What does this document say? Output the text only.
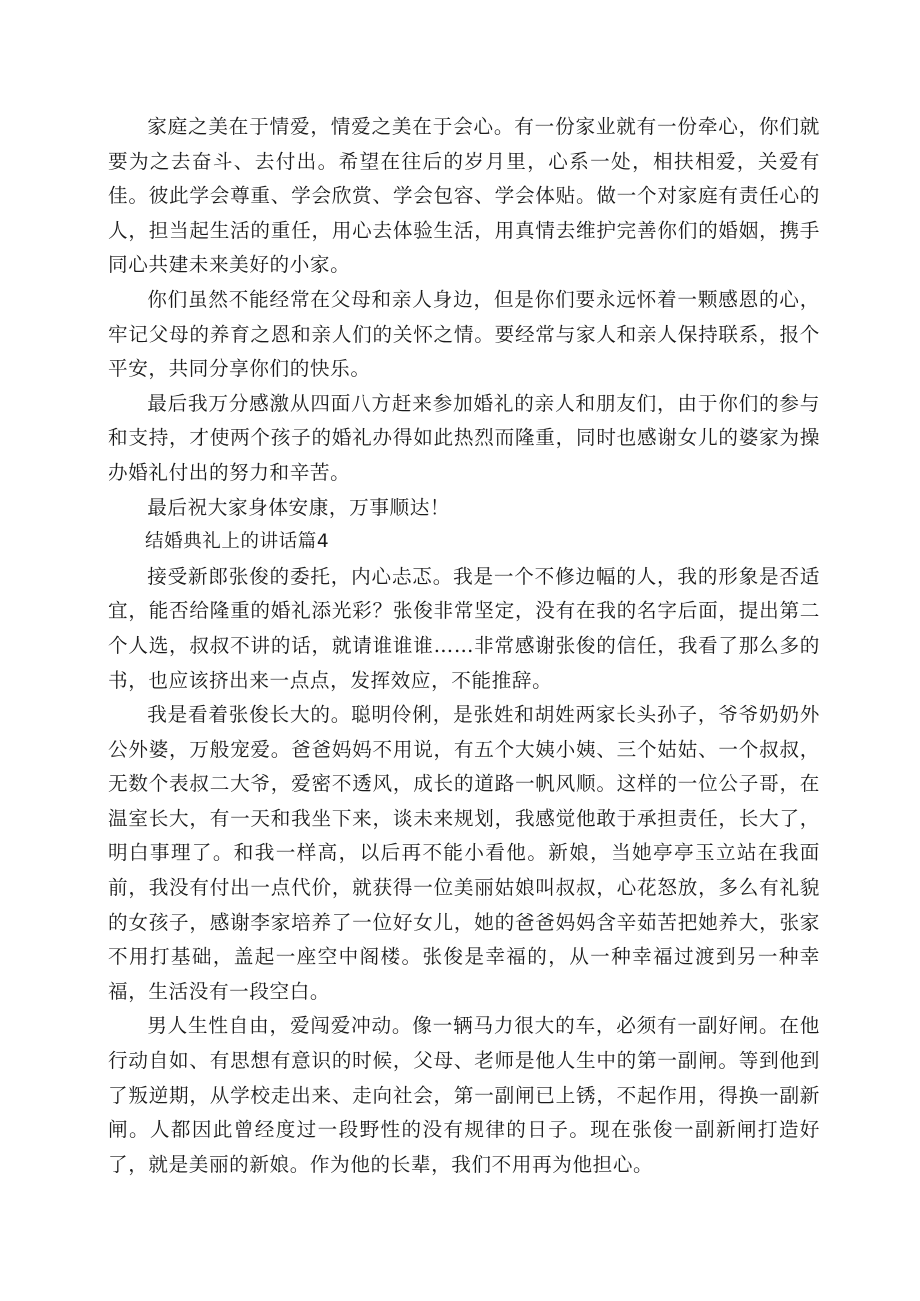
家庭之美在于情爱，情爱之美在于会心。有一份家业就有一份牵心，你们就要为之去奋斗、去付出。希望在往后的岁月里，心系一处，相扶相爱，关爱有佳。彼此学会尊重、学会欣赏、学会包容、学会体贴。做一个对家庭有责任心的人，担当起生活的重任，用心去体验生活，用真情去维护完善你们的婚姻，携手同心共建未来美好的小家。

你们虽然不能经常在父母和亲人身边，但是你们要永远怀着一颗感恩的心，牢记父母的养育之恩和亲人们的关怀之情。要经常与家人和亲人保持联系，报个平安，共同分享你们的快乐。

最后我万分感激从四面八方赶来参加婚礼的亲人和朋友们，由于你们的参与和支持，才使两个孩子的婚礼办得如此热烈而隆重，同时也感谢女儿的婆家为操办婚礼付出的努力和辛苦。

最后祝大家身体安康，万事顺达！

结婚典礼上的讲话篇4

接受新郎张俊的委托，内心忐忑。我是一个不修边幅的人，我的形象是否适宜，能否给隆重的婚礼添光彩？张俊非常坚定，没有在我的名字后面，提出第二个人选，叔叔不讲的话，就请谁谁谁……非常感谢张俊的信任，我看了那么多的书，也应该挤出来一点点，发挥效应，不能推辞。

我是看着张俊长大的。聪明伶俐，是张姓和胡姓两家长头孙子，爷爷奶奶外公外婆，万般宠爱。爸爸妈妈不用说，有五个大姨小姨、三个姑姑、一个叔叔，无数个表叔二大爷，爱密不透风，成长的道路一帆风顺。这样的一位公子哥，在温室长大，有一天和我坐下来，谈未来规划，我感觉他敢于承担责任，长大了，明白事理了。和我一样高，以后再不能小看他。新娘，当她亭亭玉立站在我面前，我没有付出一点代价，就获得一位美丽姑娘叫叔叔，心花怒放，多么有礼貌的女孩子，感谢李家培养了一位好女儿，她的爸爸妈妈含辛茹苦把她养大，张家不用打基础，盖起一座空中阁楼。张俊是幸福的，从一种幸福过渡到另一种幸福，生活没有一段空白。

男人生性自由，爱闯爱冲动。像一辆马力很大的车，必须有一副好闸。在他行动自如、有思想有意识的时候，父母、老师是他人生中的第一副闸。等到他到了叛逆期，从学校走出来、走向社会，第一副闸已上锈，不起作用，得换一副新闸。人都因此曾经度过一段野性的没有规律的日子。现在张俊一副新闸打造好了，就是美丽的新娘。作为他的长辈，我们不用再为他担心。
